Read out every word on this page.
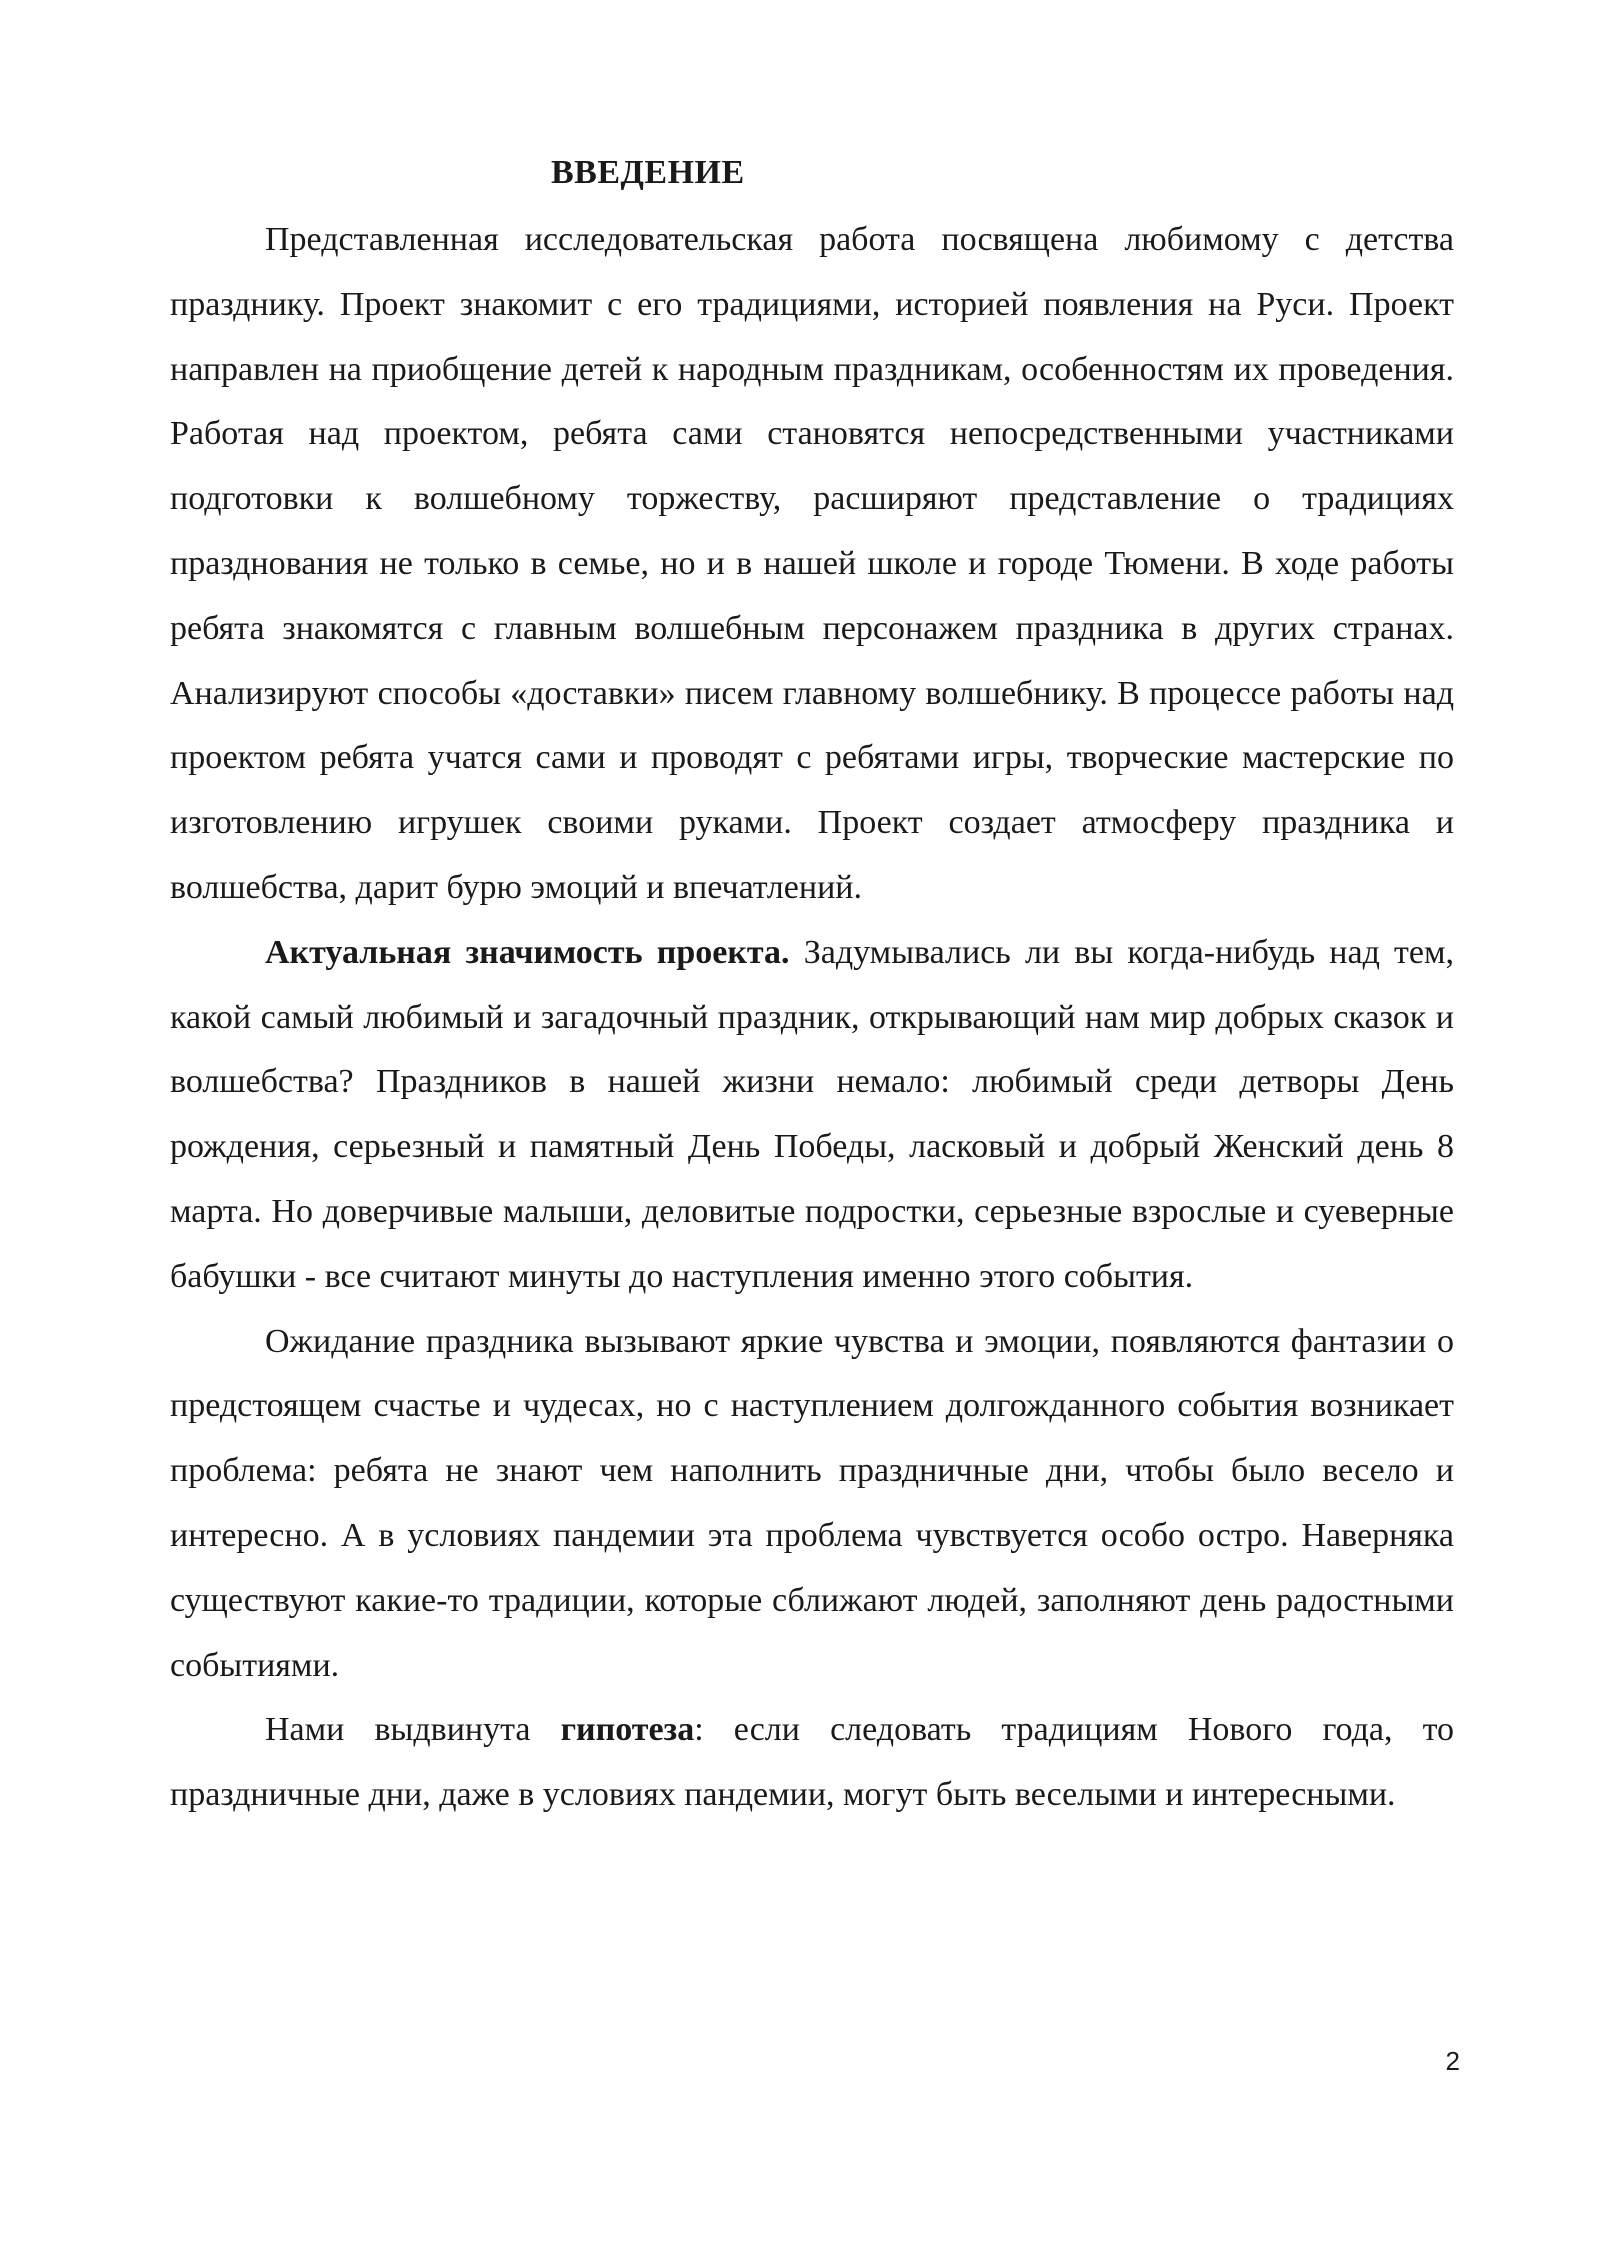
ВВЕДЕНИЕ

Представленная исследовательская работа посвящена любимому с детства празднику. Проект знакомит с его традициями, историей появления на Руси. Проект направлен на приобщение детей к народным праздникам, особенностям их проведения. Работая над проектом, ребята сами становятся непосредственными участниками подготовки к волшебному торжеству, расширяют представление о традициях празднования не только в семье, но и в нашей школе и городе Тюмени. В ходе работы ребята знакомятся с главным волшебным персонажем праздника в других странах. Анализируют способы «доставки» писем главному волшебнику. В процессе работы над проектом ребята учатся сами и проводят с ребятами игры, творческие мастерские по изготовлению игрушек своими руками. Проект создает атмосферу праздника и волшебства, дарит бурю эмоций и впечатлений.

Актуальная значимость проекта. Задумывались ли вы когда-нибудь над тем, какой самый любимый и загадочный праздник, открывающий нам мир добрых сказок и волшебства? Праздников в нашей жизни немало: любимый среди детворы День рождения, серьезный и памятный День Победы, ласковый и добрый Женский день 8 марта. Но доверчивые малыши, деловитые подростки, серьезные взрослые и суеверные бабушки - все считают минуты до наступления именно этого события.

Ожидание праздника вызывают яркие чувства и эмоции, появляются фантазии о предстоящем счастье и чудесах, но с наступлением долгожданного события возникает проблема: ребята не знают чем наполнить праздничные дни, чтобы было весело и интересно. А в условиях пандемии эта проблема чувствуется особо остро. Наверняка существуют какие-то традиции, которые сближают людей, заполняют день радостными событиями.

Нами выдвинута гипотеза: если следовать традициям Нового года, то праздничные дни, даже в условиях пандемии, могут быть веселыми и интересными.

2
